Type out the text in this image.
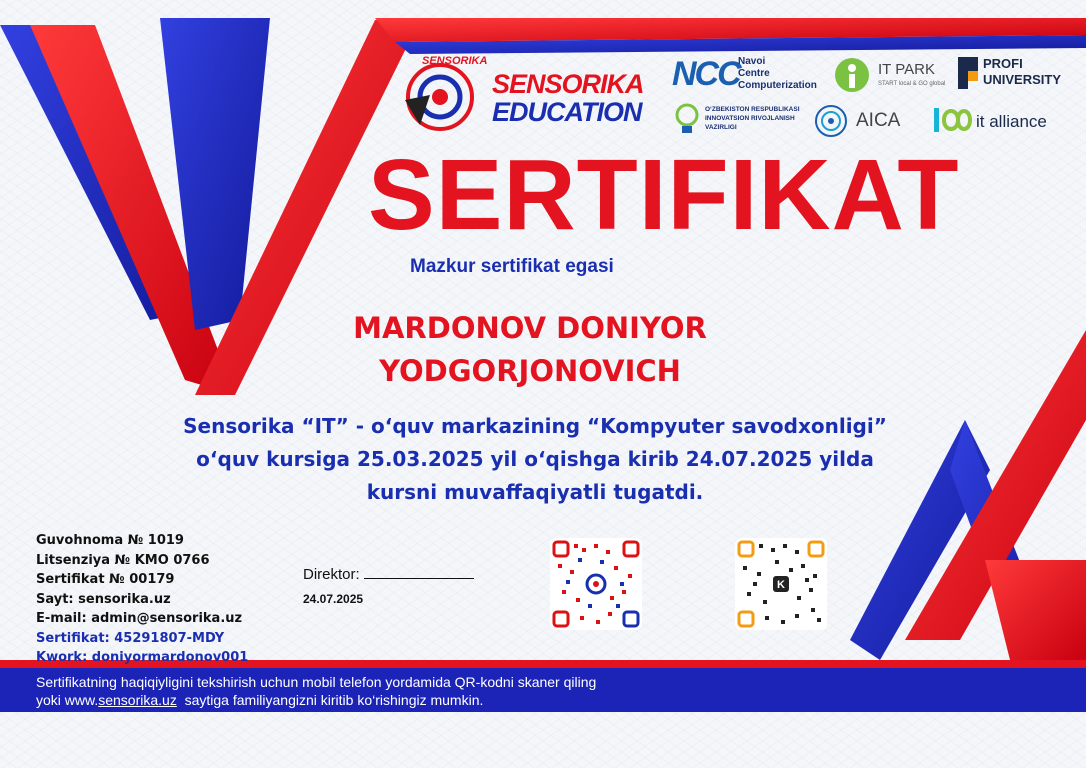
SENSORIKA
SENSORIKA
EDUCATION
NCC
Navoi
Centre
Computerization
IT PARK
START local & GO global
PROFI
UNIVERSITY
O‘ZBEKISTON RESPUBLIKASI
INNOVATSION RIVOJLANISH
VAZIRLIGI	AICA	it alliance
SERTIFIKAT
Mazkur sertifikat egasi
MARDONOV DONIYOR
YODGORJONOVICH
Sensorika “IT” - o‘quv markazining “Kompyuter savodxonligi”
o‘quv kursiga 25.03.2025 yil o‘qishga kirib 24.07.2025 yilda
kursni muvaffaqiyatli tugatdi.
Guvohnoma № 1019
Litsenziya № KMO 0766
Sertifikat № 00179
Sayt: sensorika.uz
E-mail: admin@sensorika.uz
Sertifikat: 45291807-MDY
Kwork: doniyormardonov001
Direktor:
24.07.2025
K
Sertifikatning haqiqiyligini tekshirish uchun mobil telefon yordamida QR-kodni skaner qiling
yoki www.sensorika.uz  saytiga familiyangizni kiritib ko‘rishingiz mumkin.
